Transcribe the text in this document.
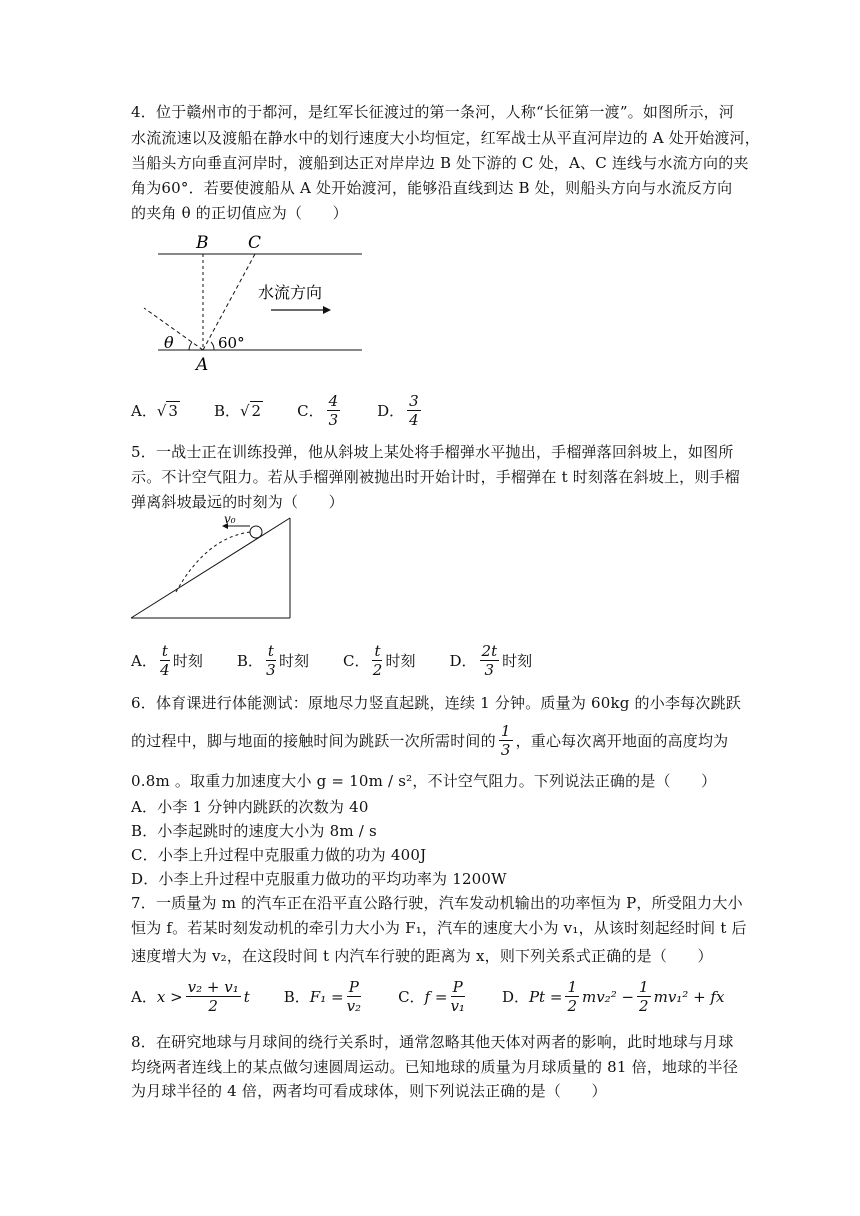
4．位于赣州市的于都河，是红军长征渡过的第一条河，人称“长征第一渡”。如图所示，河
水流流速以及渡船在静水中的划行速度大小均恒定，红军战士从平直河岸边的 A 处开始渡河，
当船头方向垂直河岸时，渡船到达正对岸岸边 B 处下游的 C 处，A、C 连线与水流方向的夹
角为60°．若要使渡船从 A 处开始渡河，能够沿直线到达 B 处，则船头方向与水流反方向
的夹角 θ 的正切值应为（　　）
B C
A
θ	60°
水流方向
A． √ 3 B． √ 2 C． $\frac{4}{3}$ D． $\frac{3}{4}$
5．一战士正在训练投弹，他从斜坡上某处将手榴弹水平抛出，手榴弹落回斜坡上，如图所
示。不计空气阻力。若从手榴弹刚被抛出时开始计时，手榴弹在 t 时刻落在斜坡上，则手榴
弹离斜坡最远的时刻为（　　）
v₀
A． $\frac{t}{4}$ 时刻 B． $\frac{t}{3}$ 时刻 C． $\frac{t}{2}$ 时刻 D． $\frac{2t}{3}$ 时刻
6．体育课进行体能测试：原地尽力竖直起跳，连续 1 分钟。质量为 60kg 的小李每次跳跃
的过程中，脚与地面的接触时间为跳跃一次所需时间的 $\frac{1}{3}$ ，重心每次离开地面的高度均为
0.8m 。取重力加速度大小 g = 10m / s²，不计空气阻力。下列说法正确的是（　　）
A．小李 1 分钟内跳跃的次数为 40
B．小李起跳时的速度大小为 8m / s
C．小李上升过程中克服重力做的功为 400J
D．小李上升过程中克服重力做功的平均功率为 1200W
7．一质量为 m 的汽车正在沿平直公路行驶，汽车发动机输出的功率恒为 P，所受阻力大小
恒为 f。若某时刻发动机的牵引力大小为 F₁，汽车的速度大小为 v₁，从该时刻起经时间 t 后
速度增大为 v₂，在这段时间 t 内汽车行驶的距离为 x，则下列关系式正确的是（　　）
A． $x > \frac{\text{v₂ + v₁}}{2}$ t B． $F_1 = \frac{P}{\text{v₂}}$ C． $f = \frac{P}{\text{v₁}}$ D． $Pt = \frac{1}{2} mv_2^2 - \frac{1}{2} mv_1^2$ + fx
8．在研究地球与月球间的绕行关系时，通常忽略其他天体对两者的影响，此时地球与月球
均绕两者连线上的某点做匀速圆周运动。已知地球的质量为月球质量的 81 倍，地球的半径
为月球半径的 4 倍，两者均可看成球体，则下列说法正确的是（　　）
